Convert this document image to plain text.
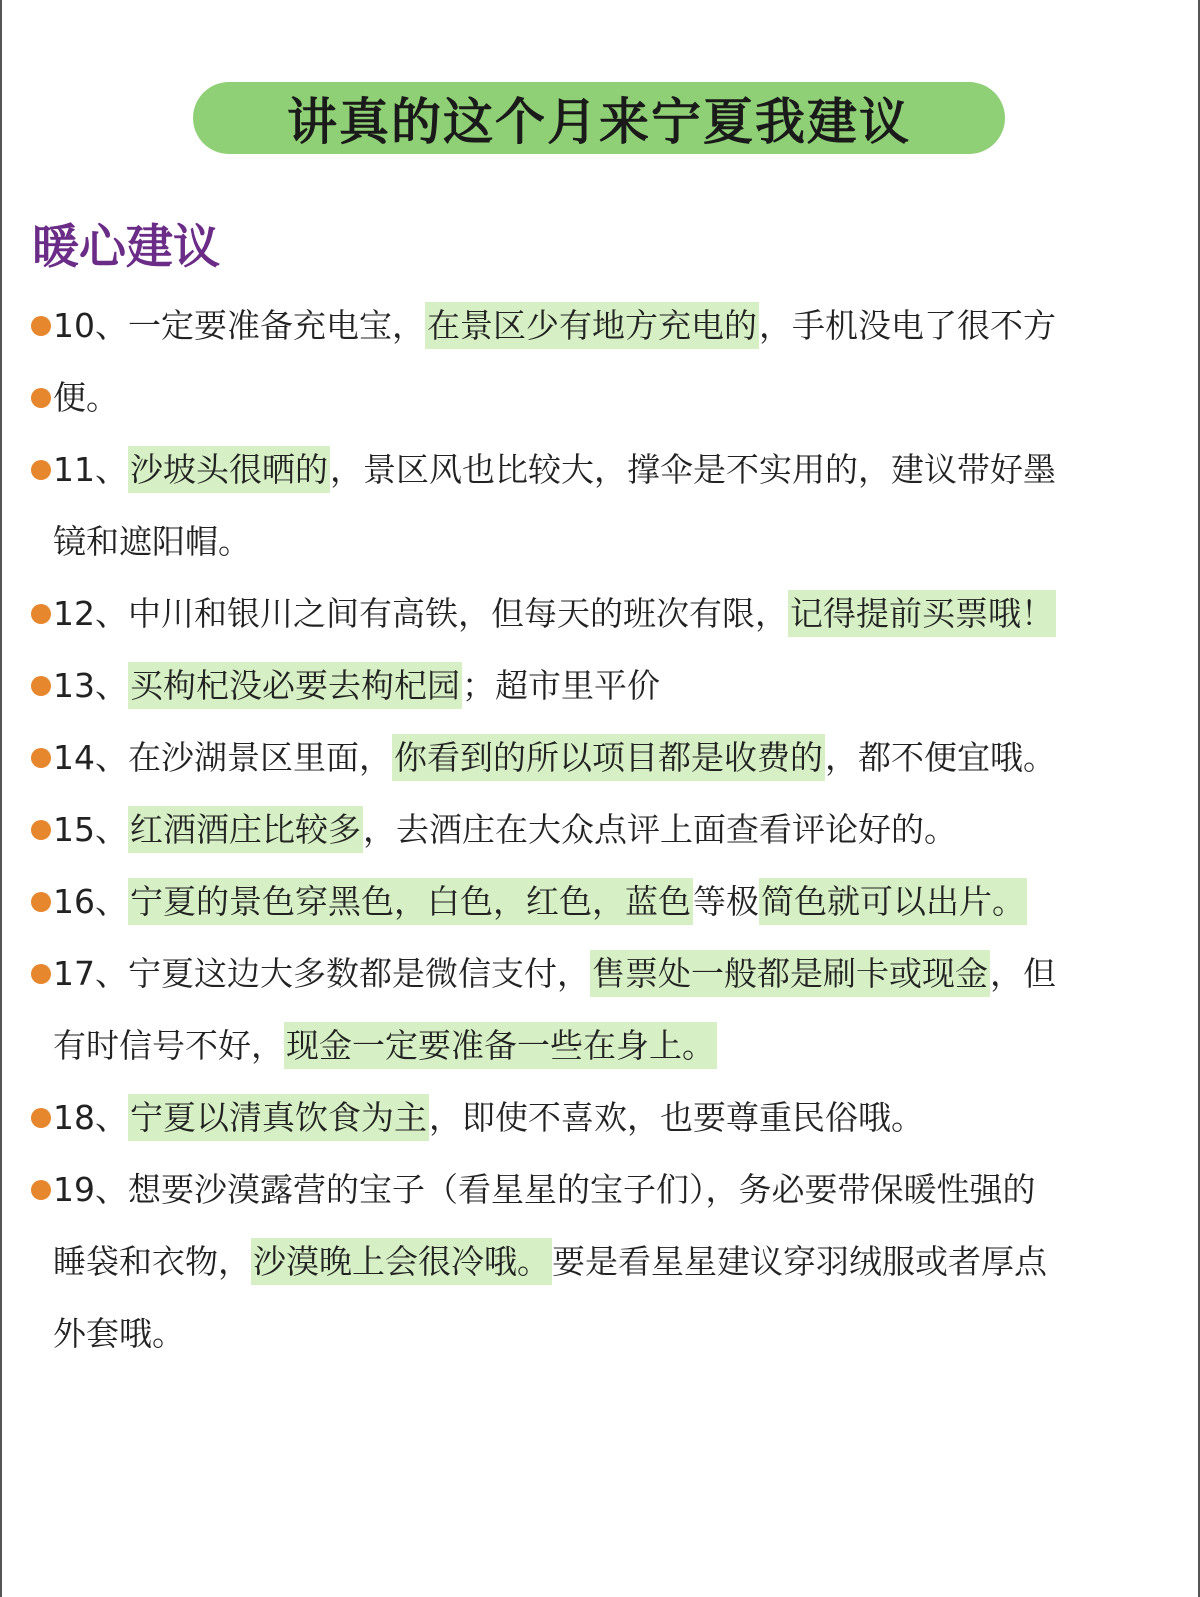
讲真的这个月来宁夏我建议
暖心建议
10、一定要准备充电宝，在景区少有地方充电的，手机没电了很不方
便。
11、沙坡头很晒的，景区风也比较大，撑伞是不实用的，建议带好墨
镜和遮阳帽。
12、中川和银川之间有高铁，但每天的班次有限，记得提前买票哦！
13、买枸杞没必要去枸杞园；超市里平价
14、在沙湖景区里面，你看到的所以项目都是收费的，都不便宜哦。
15、红酒酒庄比较多，去酒庄在大众点评上面查看评论好的。
16、宁夏的景色穿黑色，白色，红色，蓝色等极简色就可以出片。
17、宁夏这边大多数都是微信支付，售票处一般都是刷卡或现金，但
有时信号不好，现金一定要准备一些在身上。
18、宁夏以清真饮食为主，即使不喜欢，也要尊重民俗哦。
19、想要沙漠露营的宝子（看星星的宝子们），务必要带保暖性强的
睡袋和衣物，沙漠晚上会很冷哦。要是看星星建议穿羽绒服或者厚点
外套哦。
